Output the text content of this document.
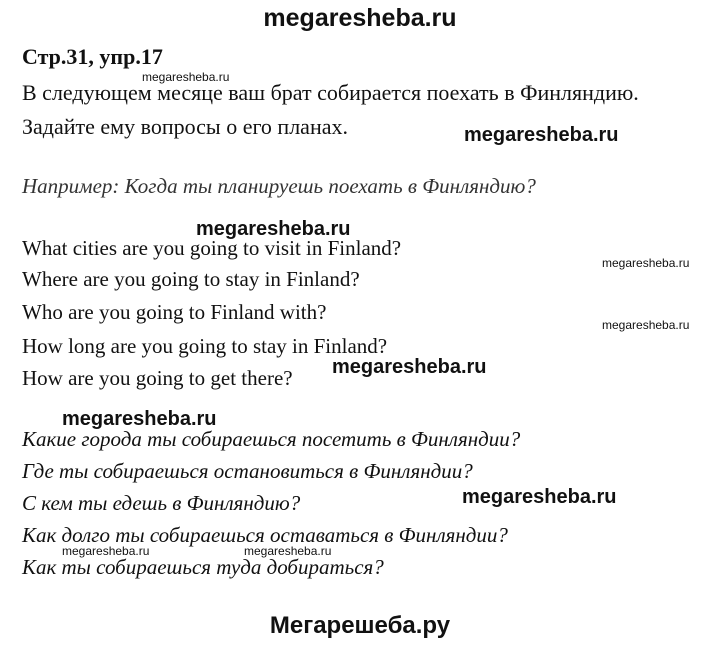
megaresheba.ru
Стр.31, упр.17
megaresheba.ru
В следующем месяце ваш брат собирается поехать в Финляндию.
Задайте ему вопросы о его планах.	megaresheba.ru
Например: Когда ты планируешь поехать в Финляндию?
megaresheba.ru
What cities are you going to visit in Finland?
Where are you going to stay in Finland?
megaresheba.ru
Who are you going to Finland with?
megaresheba.ru
How long are you going to stay in Finland?
How are you going to get there? megaresheba.ru
megaresheba.ru
Какие города ты собираешься посетить в Финляндии?
Где ты собираешься остановиться в Финляндии?
С кем ты едешь в Финляндию?	megaresheba.ru
Как долго ты собираешься оставаться в Финляндии?
megaresheba.ru	megaresheba.ru
Как ты собираешься туда добираться?
Мегарешеба.ру
